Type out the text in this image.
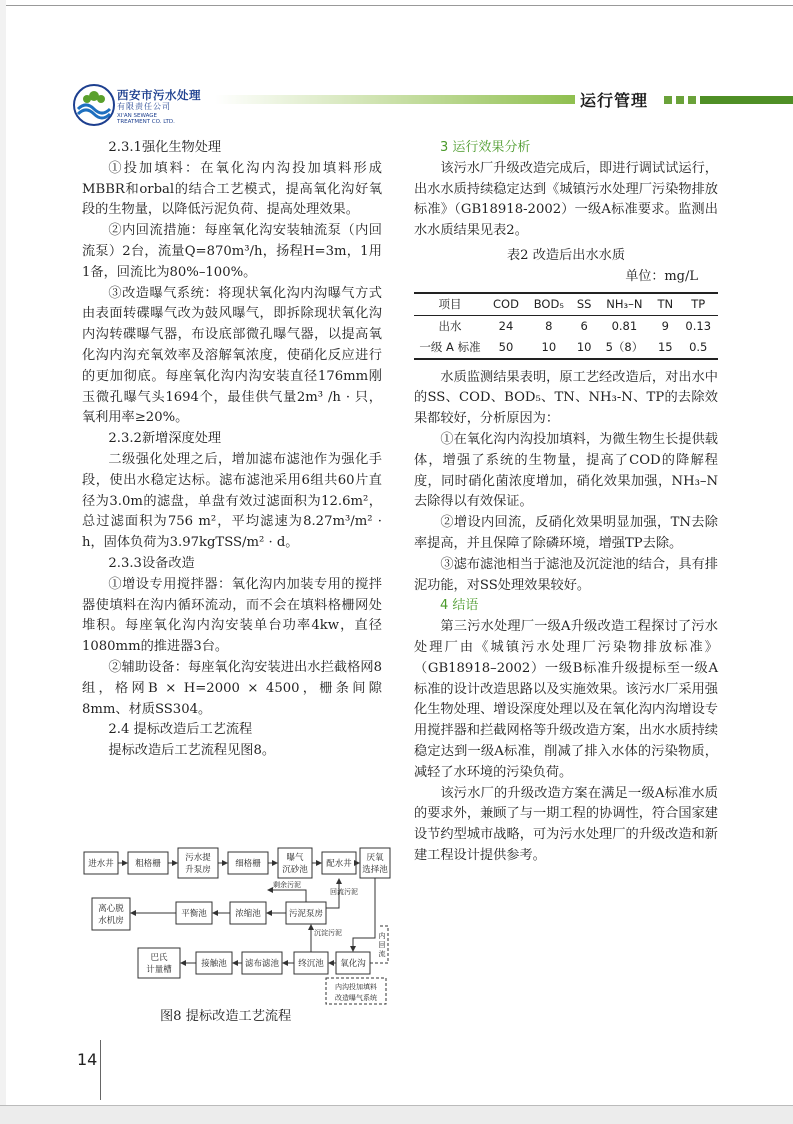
西安市污水处理
有限责任公司
XI'AN SEWAGE
TREATMENT CO. LTD.
运行管理

2.3.1强化生物处理

①投加填料：在氧化沟内沟投加填料形成MBBR和orbal的结合工艺模式，提高氧化沟好氧段的生物量，以降低污泥负荷、提高处理效果。

②内回流措施：每座氧化沟安装轴流泵（内回流泵）2台，流量Q=870m³/h，扬程H=3m，1用1备，回流比为80%–100%。

③改造曝气系统：将现状氧化沟内沟曝气方式由表面转碟曝气改为鼓风曝气，即拆除现状氧化沟内沟转碟曝气器，布设底部微孔曝气器，以提高氧化沟内沟充氧效率及溶解氧浓度，使硝化反应进行的更加彻底。每座氧化沟内沟安装直径176mm刚玉微孔曝气头1694个，最佳供气量2m³ /h · 只，氧利用率≥20%。

2.3.2新增深度处理

二级强化处理之后，增加滤布滤池作为强化手段，使出水稳定达标。滤布滤池采用6组共60片直径为3.0m的滤盘，单盘有效过滤面积为12.6m²，总过滤面积为756 m²，平均滤速为8.27m³/m² · h，固体负荷为3.97kgTSS/m² · d。

2.3.3设备改造

①增设专用搅拌器：氧化沟内加装专用的搅拌器使填料在沟内循环流动，而不会在填料格栅网处堆积。每座氧化沟内沟安装单台功率4kw，直径1080mm的推进器3台。

②辅助设备：每座氧化沟安装进出水拦截格网8组，格网B × H=2000 × 4500，栅条间隙8mm、材质SS304。

2.4 提标改造后工艺流程

提标改造后工艺流程见图8。

进水井	粗格栅
污水提
升泵房
细格栅
曝气
沉砂池
配水井
厌氧
选择池
离心脱
水机房
平衡池	浓缩池	污泥泵房
巴氏
计量槽
接触池 滤布滤池 终沉池 氧化沟
剩余污泥
回流污泥
沉淀污泥	内
回
流
内沟投加填料
改造曝气系统
图8 提标改造工艺流程

3 运行效果分析

该污水厂升级改造完成后，即进行调试试运行，出水水质持续稳定达到《城镇污水处理厂污染物排放标准》（GB18918-2002）一级A标准要求。监测出水水质结果见表2。

表2 改造后出水水质
单位：mg/L
项目	COD	BOD₅	SS	NH₃–N	TN	TP
出水	24	8	6	0.81	9	0.13
一级 A 标准	50	10	10	5（8）	15	0.5

水质监测结果表明，原工艺经改造后，对出水中的SS、COD、BOD₅、TN、NH₃-N、TP的去除效果都较好，分析原因为：

①在氧化沟内沟投加填料，为微生物生长提供载体，增强了系统的生物量，提高了COD的降解程度，同时硝化菌浓度增加，硝化效果加强，NH₃–N去除得以有效保证。

②增设内回流，反硝化效果明显加强，TN去除率提高，并且保障了除磷环境，增强TP去除。

③滤布滤池相当于滤池及沉淀池的结合，具有排泥功能，对SS处理效果较好。

4 结语

第三污水处理厂一级A升级改造工程探讨了污水处理厂由《城镇污水处理厂污染物排放标准》（GB18918–2002）一级B标准升级提标至一级A标准的设计改造思路以及实施效果。该污水厂采用强化生物处理、增设深度处理以及在氧化沟内沟增设专用搅拌器和拦截网格等升级改造方案，出水水质持续稳定达到一级A标准，削减了排入水体的污染物质，减轻了水环境的污染负荷。

该污水厂的升级改造方案在满足一级A标准水质的要求外，兼顾了与一期工程的协调性，符合国家建设节约型城市战略，可为污水处理厂的升级改造和新建工程设计提供参考。

14
